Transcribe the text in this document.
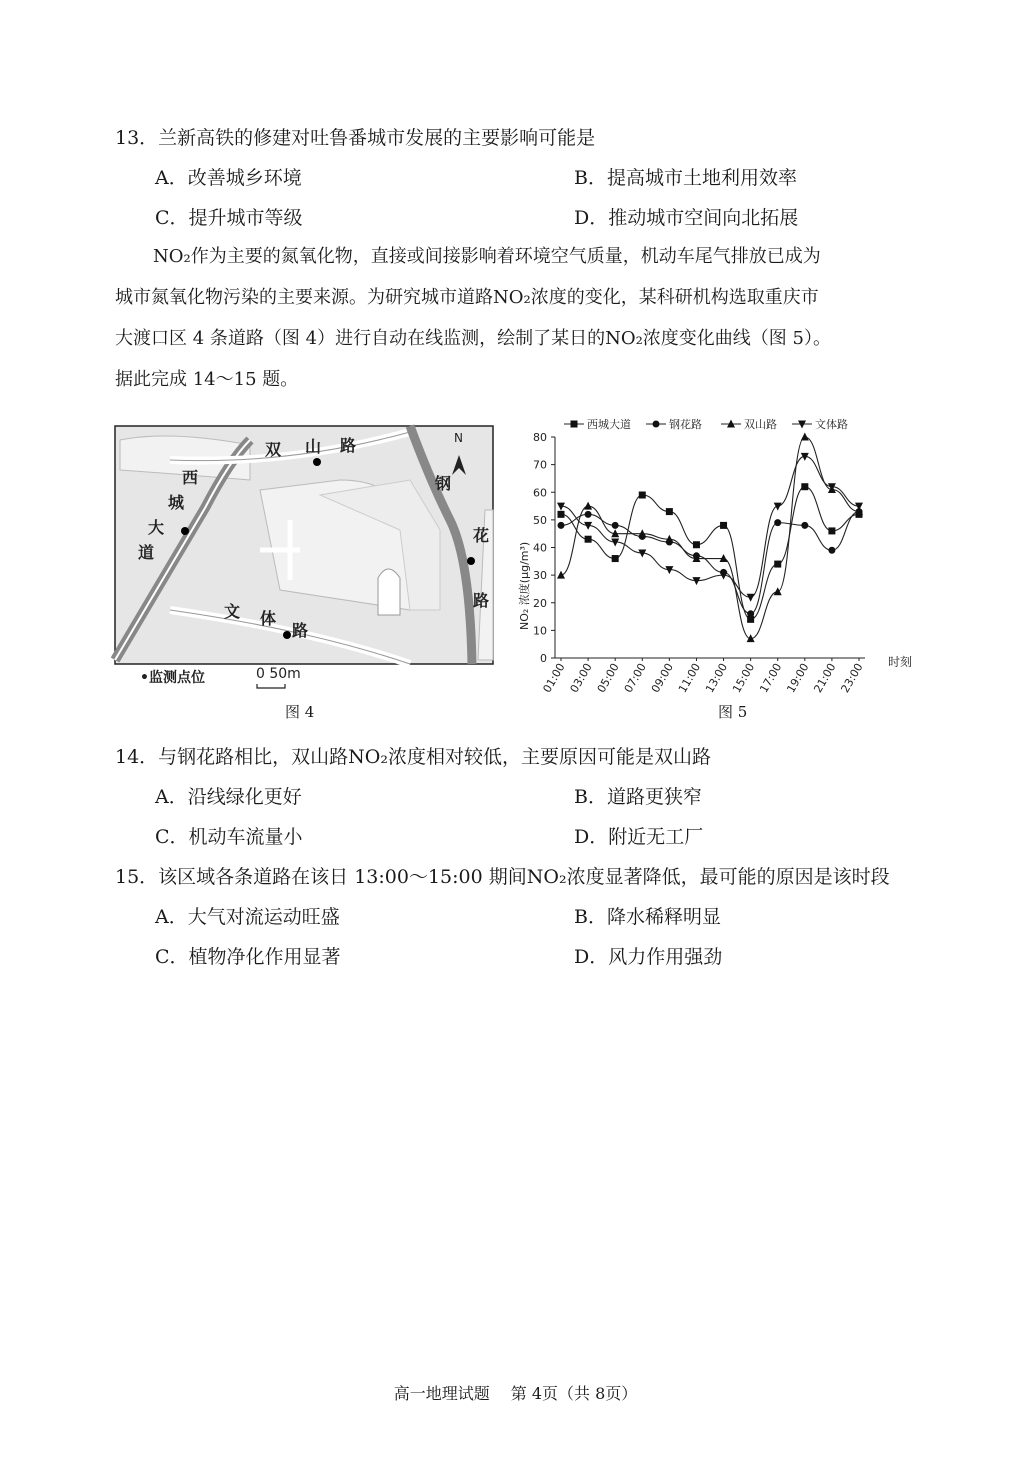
13．兰新高铁的修建对吐鲁番城市发展的主要影响可能是
A．改善城乡环境	B．提高城市土地利用效率
C．提升城市等级	D．推动城市空间向北拓展
NO₂作为主要的氮氧化物，直接或间接影响着环境空气质量，机动车尾气排放已成为
城市氮氧化物污染的主要来源。为研究城市道路NO₂浓度的变化，某科研机构选取重庆市
大渡口区 4 条道路（图 4）进行自动在线监测，绘制了某日的NO₂浓度变化曲线（图 5）。
据此完成 14～15 题。
双 山 路
西
城
大
道
钢
花
路
文 体
路
N
•监测点位	0 50m
图 4
西城大道	钢花路	双山路	文体路
0
10
20
30
40
50
60
70
80
01:00 03:00 05:00 07:00 09:00 11:00 13:00 15:00 17:00 19:00 21:00 23:00 时刻
NO₂ 浓度(μg/m³)
图 5
14．与钢花路相比，双山路NO₂浓度相对较低，主要原因可能是双山路
A．沿线绿化更好	B．道路更狭窄
C．机动车流量小	D．附近无工厂
15．该区域各条道路在该日 13:00～15:00 期间NO₂浓度显著降低，最可能的原因是该时段
A．大气对流运动旺盛	B．降水稀释明显
C．植物净化作用显著	D．风力作用强劲
高一地理试题　 第 4页（共 8页）
